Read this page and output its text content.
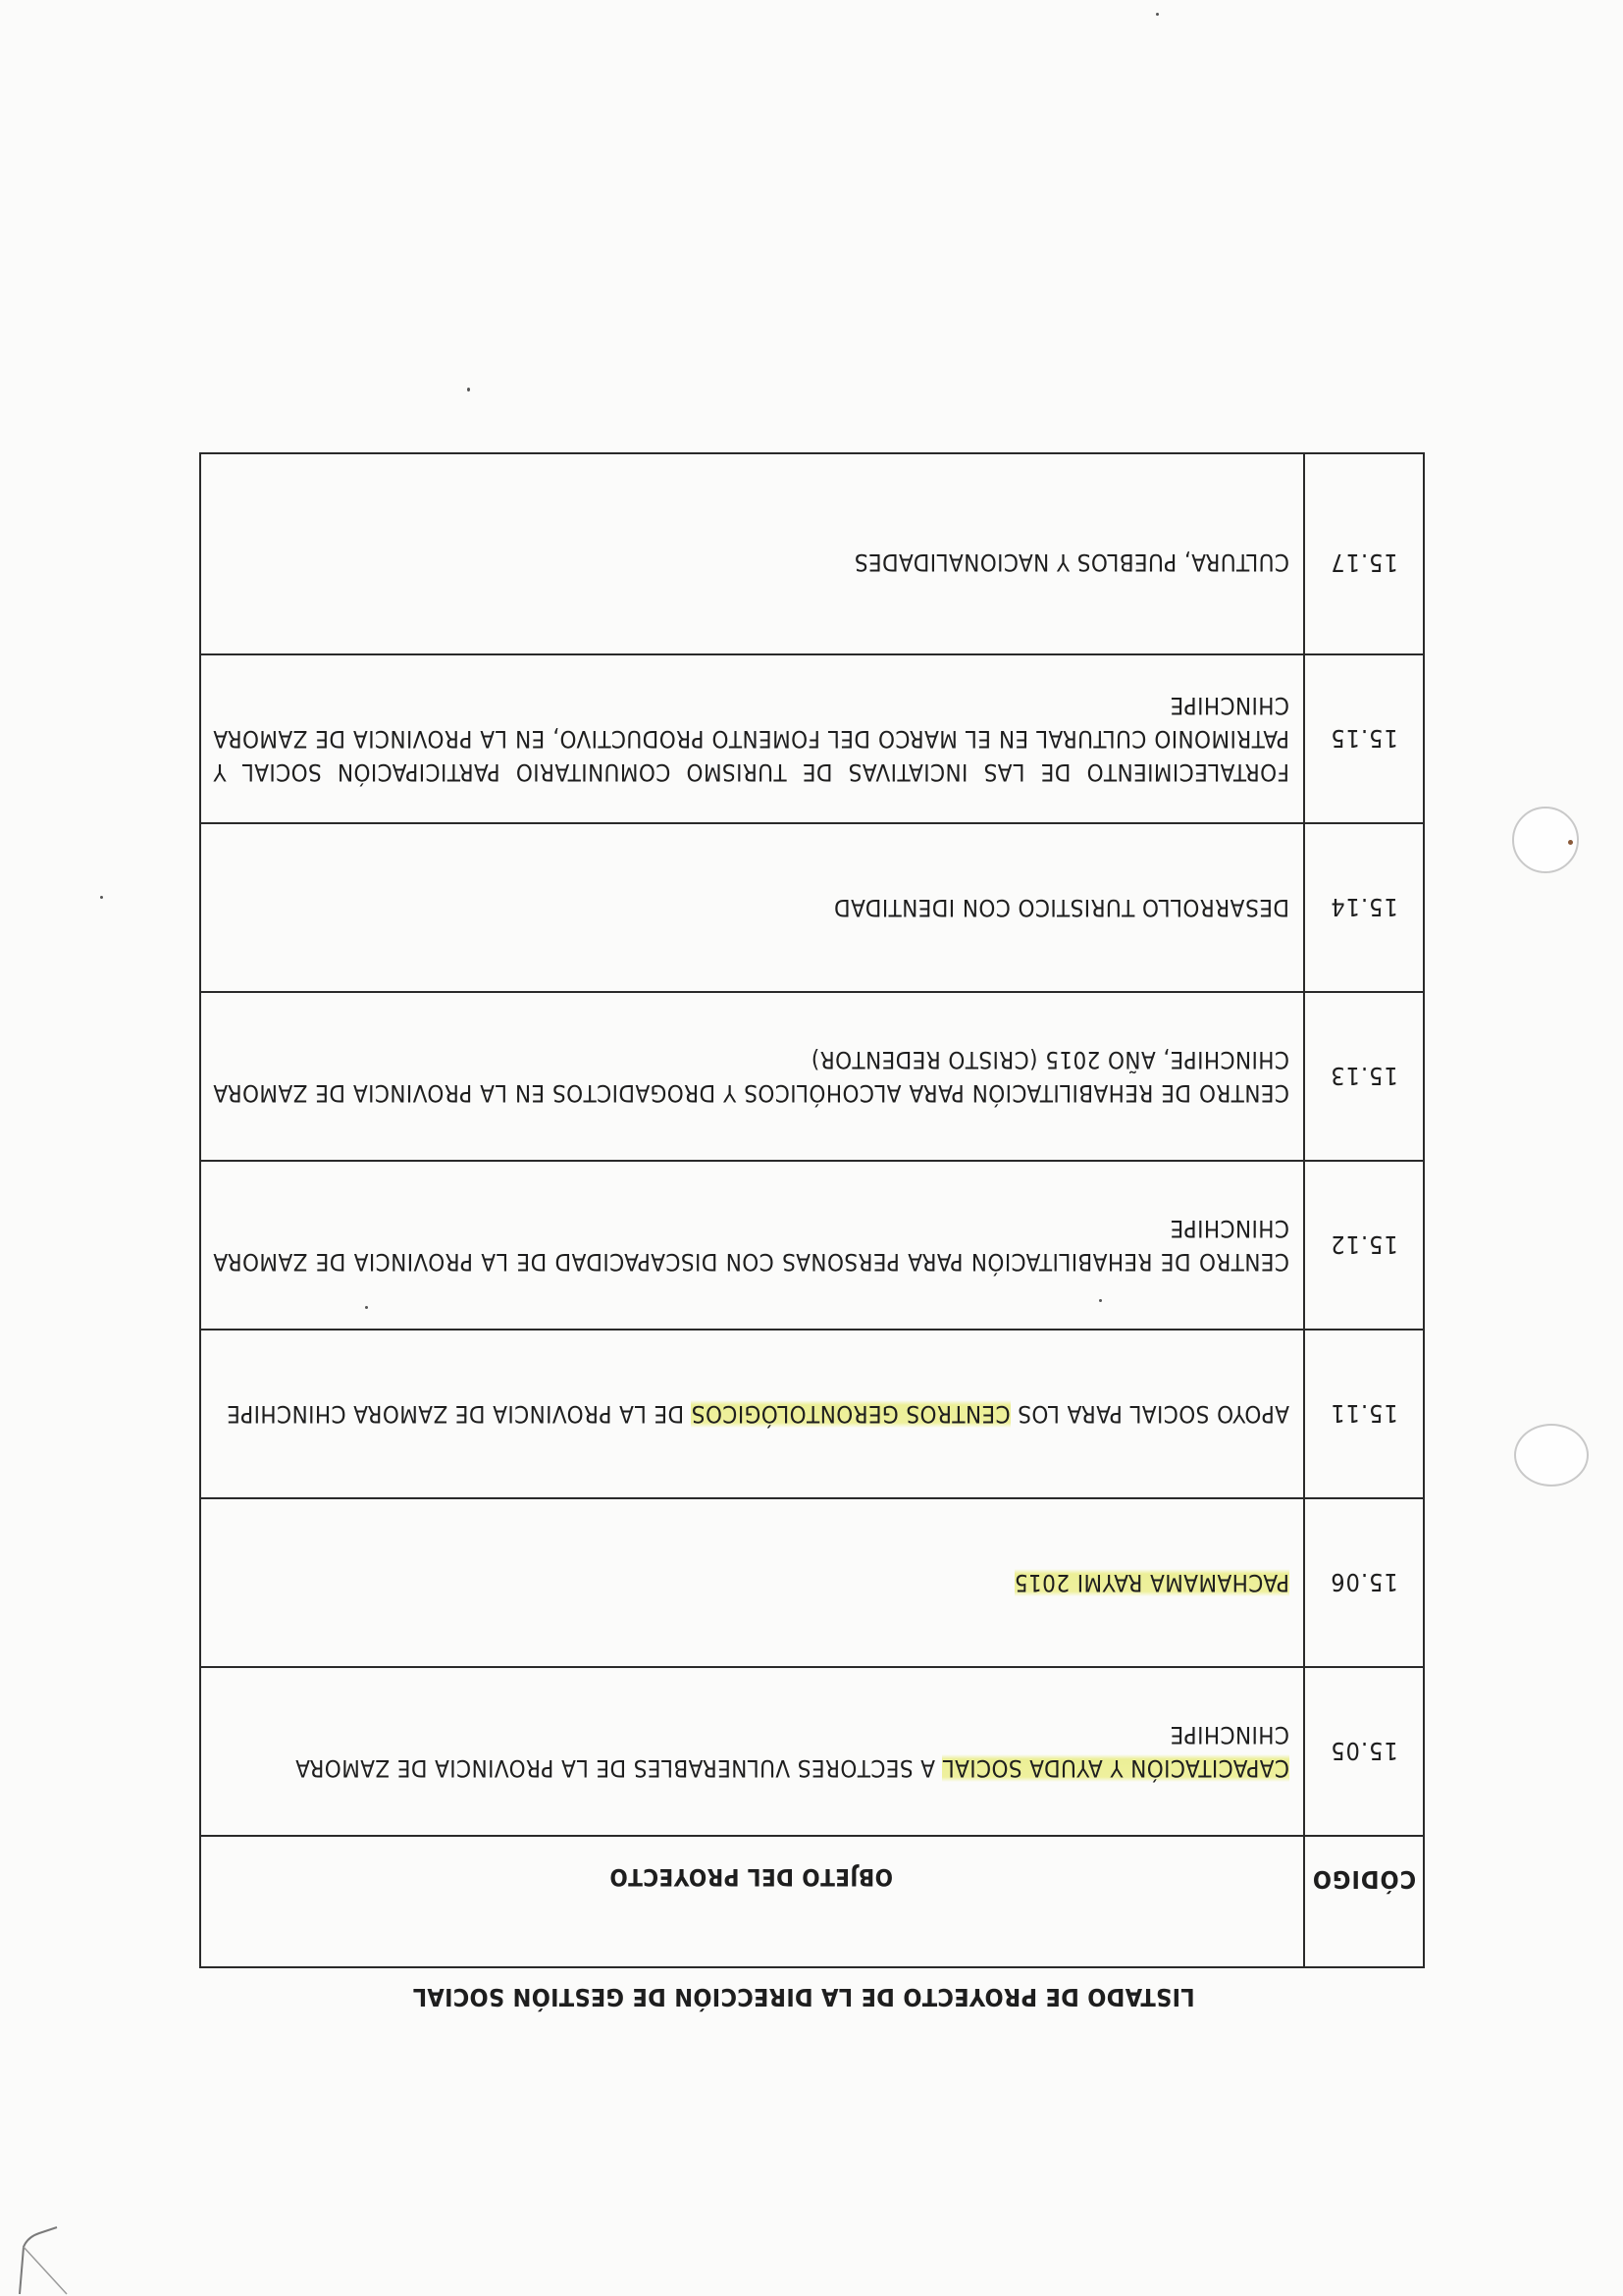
LISTADO DE PROYECTO DE LA DIRECCIÓN DE GESTIÓN SOCIAL
CÓDIGO
OBJETO DEL PROYECTO
15.05
CAPACITACIÓN Y AYUDA SOCIAL A SECTORES VULNERABLES DE LA PROVINCIA DE ZAMORA CHINCHIPE
15.06
PACHAMAMA RAYMI 2015
15.11
APOYO SOCIAL PARA LOS CENTROS GERONTOLÓGICOS DE LA PROVINCIA DE ZAMORA CHINCHIPE
15.12
CENTRO DE REHABILITACIÓN PARA PERSONAS CON DISCAPACIDAD DE LA PROVINCIA DE ZAMORA CHINCHIPE
15.13
CENTRO DE REHABILITACIÓN PARA ALCOHÓLICOS Y DROGADICTOS EN LA PROVINCIA DE ZAMORA CHINCHIPE, AÑO 2015 (CRISTO REDENTOR)
15.14
DESARROLLO TURISTICO CON IDENTIDAD
15.15
FORTALECIMIENTO DE LAS INCIATIVAS DE TURISMO COMUNITARIO PARTICIPACIÓN SOCIAL Y PATRIMONIO CULTURAL EN EL MARCO DEL FOMENTO PRODUCTIVO, EN LA PROVINCIA DE ZAMORA CHINCHIPE
15.17
CULTURA, PUEBLOS Y NACIONALIDADES
